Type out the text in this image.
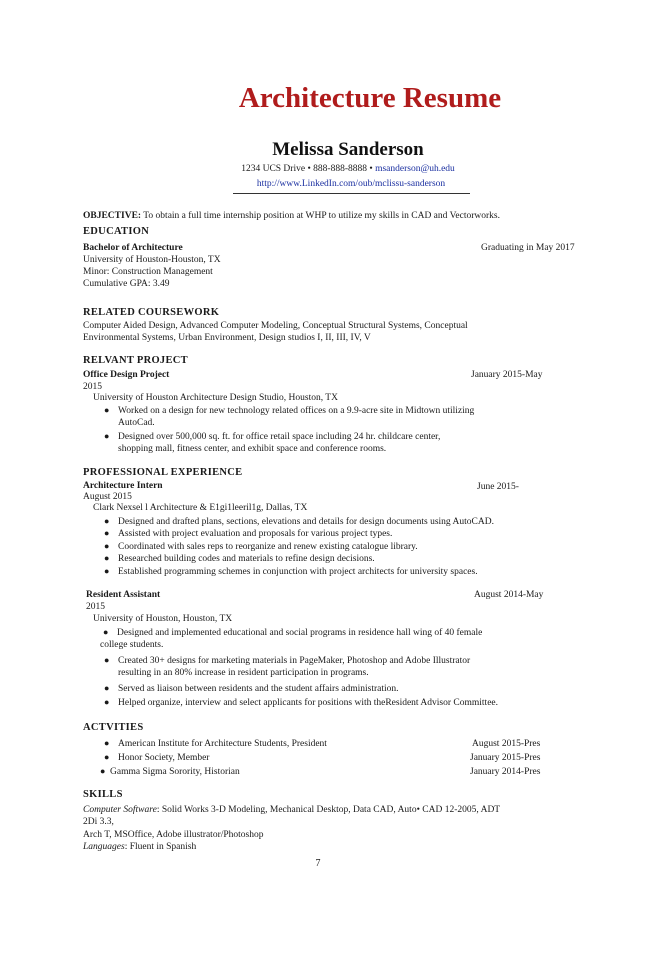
Architecture Resume
Melissa Sanderson
1234 UCS Drive • 888-888-8888 • msanderson@uh.edu
http://www.LinkedIn.com/oub/mclissu-sanderson
OBJECTIVE: To obtain a full time internship position at WHP to utilize my skills in CAD and Vectorworks.
EDUCATION
Bachelor of Architecture	Graduating in May 2017
University of Houston-Houston, TX
Minor: Construction Management
Cumulative GPA: 3.49
RELATED COURSEWORK
Computer Aided Design, Advanced Computer Modeling, Conceptual Structural Systems, Conceptual
Environmental Systems, Urban Environment, Design studios I, II, III, IV, V
RELVANT PROJECT
Office Design Project	January 2015-May
2015
University of Houston Architecture Design Studio, Houston, TX
● Worked on a design for new technology related offices on a 9.9-acre site in Midtown utilizing
AutoCad.
● Designed over 500,000 sq. ft. for office retail space including 24 hr. childcare center,
shopping mall, fitness center, and exhibit space and conference rooms.
PROFESSIONAL EXPERIENCE
Architecture Intern	June 2015-
August 2015
Clark Nexsel l Architecture & E1gi1leeril1g, Dallas, TX
● Designed and drafted plans, sections, elevations and details for design documents using AutoCAD.
● Assisted with project evaluation and proposals for various project types.
● Coordinated with sales reps to reorganize and renew existing catalogue library.
● Researched building codes and materials to refine design decisions.
● Established programming schemes in conjunction with project architects for university spaces.
Resident Assistant	August 2014-May
2015
University of Houston, Houston, TX
● Designed and implemented educational and social programs in residence hall wing of 40 female
college students.
● Created 30+ designs for marketing materials in PageMaker, Photoshop and Adobe Illustrator
resulting in an 80% increase in resident participation in programs.
● Served as liaison between residents and the student affairs administration.
● Helped organize, interview and select applicants for positions with theResident Advisor Committee.
ACTVITIES
● American Institute for Architecture Students, President	August 2015-Pres
● Honor Society, Member	January 2015-Pres
● Gamma Sigma Sorority, Historian	January 2014-Pres
SKILLS
Computer Software: Solid Works 3-D Modeling, Mechanical Desktop, Data CAD, Auto• CAD 12-2005, ADT
2Di 3.3,
Arch T, MSOffice, Adobe illustrator/Photoshop
Languages: Fluent in Spanish
7
